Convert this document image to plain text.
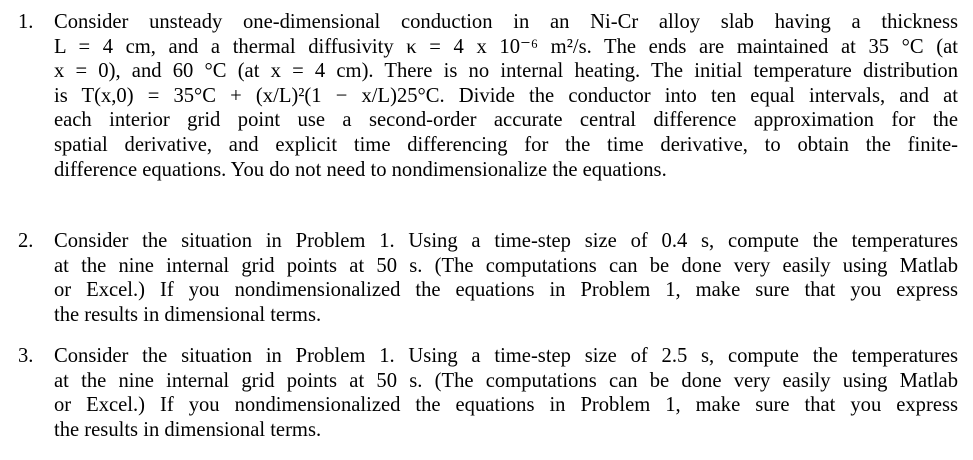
1. Consider unsteady one-dimensional conduction in an Ni-Cr alloy slab having a thickness
L = 4 cm, and a thermal diffusivity κ = 4 x 10⁻⁶ m²/s. The ends are maintained at 35 °C (at
x = 0), and 60 °C (at x = 4 cm). There is no internal heating. The initial temperature distribution
is T(x,0) = 35°C + (x/L)²(1 − x/L)25°C. Divide the conductor into ten equal intervals, and at
each interior grid point use a second-order accurate central difference approximation for the
spatial derivative, and explicit time differencing for the time derivative, to obtain the finite-
difference equations. You do not need to nondimensionalize the equations.
2. Consider the situation in Problem 1. Using a time-step size of 0.4 s, compute the temperatures
at the nine internal grid points at 50 s. (The computations can be done very easily using Matlab
or Excel.) If you nondimensionalized the equations in Problem 1, make sure that you express
the results in dimensional terms.
3. Consider the situation in Problem 1. Using a time-step size of 2.5 s, compute the temperatures
at the nine internal grid points at 50 s. (The computations can be done very easily using Matlab
or Excel.) If you nondimensionalized the equations in Problem 1, make sure that you express
the results in dimensional terms.
